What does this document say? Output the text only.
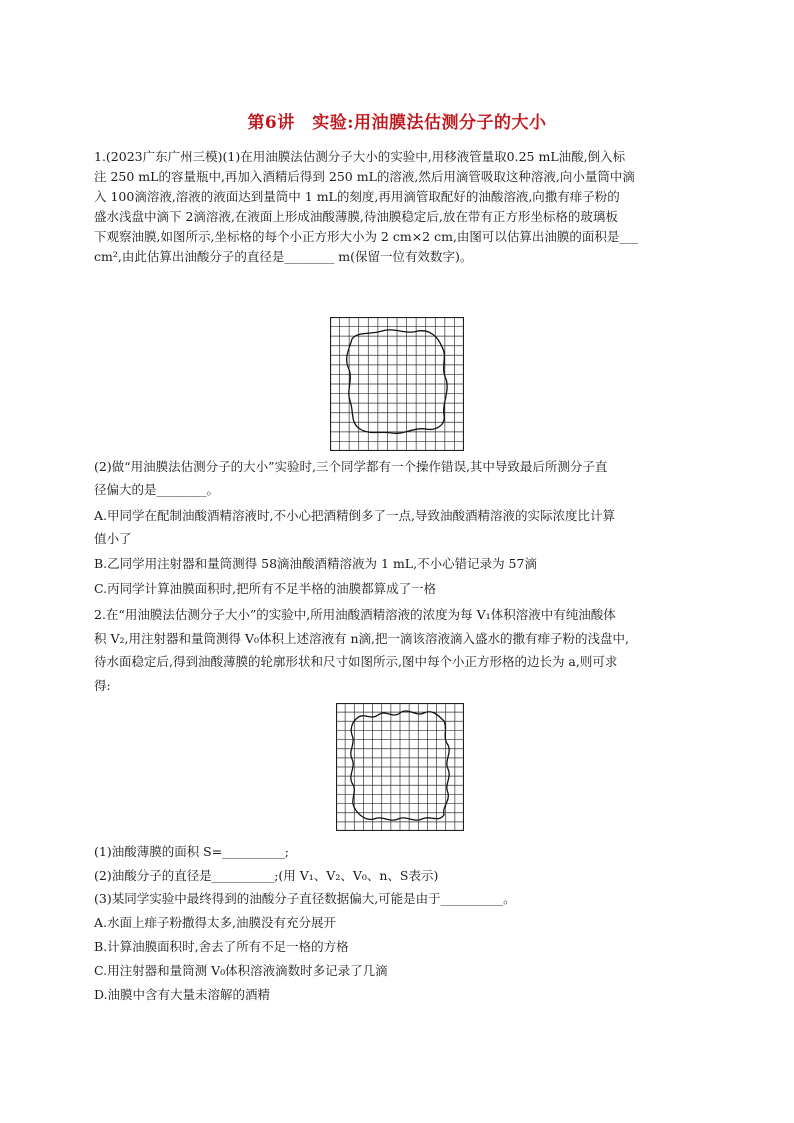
第6讲　实验:用油膜法估测分子的大小
1.(2023广东广州三模)(1)在用油膜法估测分子大小的实验中,用移液管量取0.25 mL油酸,倒入标
注 250 mL的容量瓶中,再加入酒精后得到 250 mL的溶液,然后用滴管吸取这种溶液,向小量筒中滴
入 100滴溶液,溶液的液面达到量筒中 1 mL的刻度,再用滴管取配好的油酸溶液,向撒有痱子粉的
盛水浅盘中滴下 2滴溶液,在液面上形成油酸薄膜,待油膜稳定后,放在带有正方形坐标格的玻璃板
下观察油膜,如图所示,坐标格的每个小正方形大小为 2 cm×2 cm,由图可以估算出油膜的面积是___
cm²,由此估算出油酸分子的直径是________ m(保留一位有效数字)。
(2)做“用油膜法估测分子的大小”实验时,三个同学都有一个操作错误,其中导致最后所测分子直
径偏大的是________。
A.甲同学在配制油酸酒精溶液时,不小心把酒精倒多了一点,导致油酸酒精溶液的实际浓度比计算
值小了
B.乙同学用注射器和量筒测得 58滴油酸酒精溶液为 1 mL,不小心错记录为 57滴
C.丙同学计算油膜面积时,把所有不足半格的油膜都算成了一格
2.在“用油膜法估测分子大小”的实验中,所用油酸酒精溶液的浓度为每 V₁体积溶液中有纯油酸体
积 V₂,用注射器和量筒测得 V₀体积上述溶液有 n滴,把一滴该溶液滴入盛水的撒有痱子粉的浅盘中,
待水面稳定后,得到油酸薄膜的轮廓形状和尺寸如图所示,图中每个小正方形格的边长为 a,则可求
得:
(1)油酸薄膜的面积 S=__________;
(2)油酸分子的直径是__________;(用 V₁、V₂、V₀、n、S表示)
(3)某同学实验中最终得到的油酸分子直径数据偏大,可能是由于__________。
A.水面上痱子粉撒得太多,油膜没有充分展开
B.计算油膜面积时,舍去了所有不足一格的方格
C.用注射器和量筒测 V₀体积溶液滴数时多记录了几滴
D.油膜中含有大量未溶解的酒精
